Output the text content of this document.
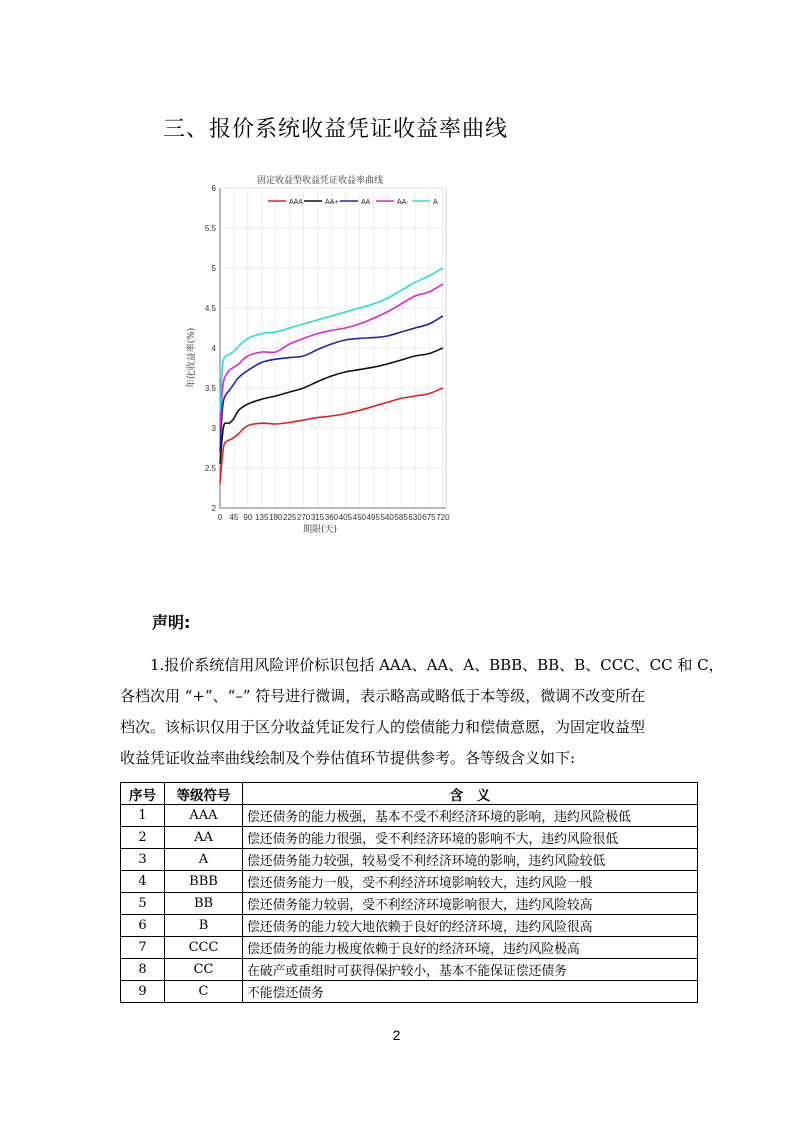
三、报价系统收益凭证收益率曲线
0 45 90 135 180 225 270 315 360 405 450 495 540 585 630 675 720
2
2.5
3
3.5
4
4.5
5
5.5
6
AAA	AA+	AA	AA-	A
固定收益型收益凭证收益率曲线
期限(天)
年化收益率(%)
声明:
1.报价系统信用风险评价标识包括 AAA、AA、A、BBB、BB、B、CCC、CC 和 C，
各档次用 “+”、“–” 符号进行微调，表示略高或略低于本等级，微调不改变所在
档次。该标识仅用于区分收益凭证发行人的偿债能力和偿债意愿，为固定收益型
收益凭证收益率曲线绘制及个券估值环节提供参考。各等级含义如下:
序号	等级符号	含　义
1	AAA	偿还债务的能力极强，基本不受不利经济环境的影响，违约风险极低
2	AA	偿还债务的能力很强，受不利经济环境的影响不大，违约风险很低
3	A	偿还债务能力较强，较易受不利经济环境的影响，违约风险较低
4	BBB	偿还债务能力一般，受不利经济环境影响较大，违约风险一般
5	BB	偿还债务能力较弱，受不利经济环境影响很大，违约风险较高
6	B	偿还债务的能力较大地依赖于良好的经济环境，违约风险很高
7	CCC	偿还债务的能力极度依赖于良好的经济环境，违约风险极高
8	CC	在破产或重组时可获得保护较小，基本不能保证偿还债务
9	C	不能偿还债务
2
